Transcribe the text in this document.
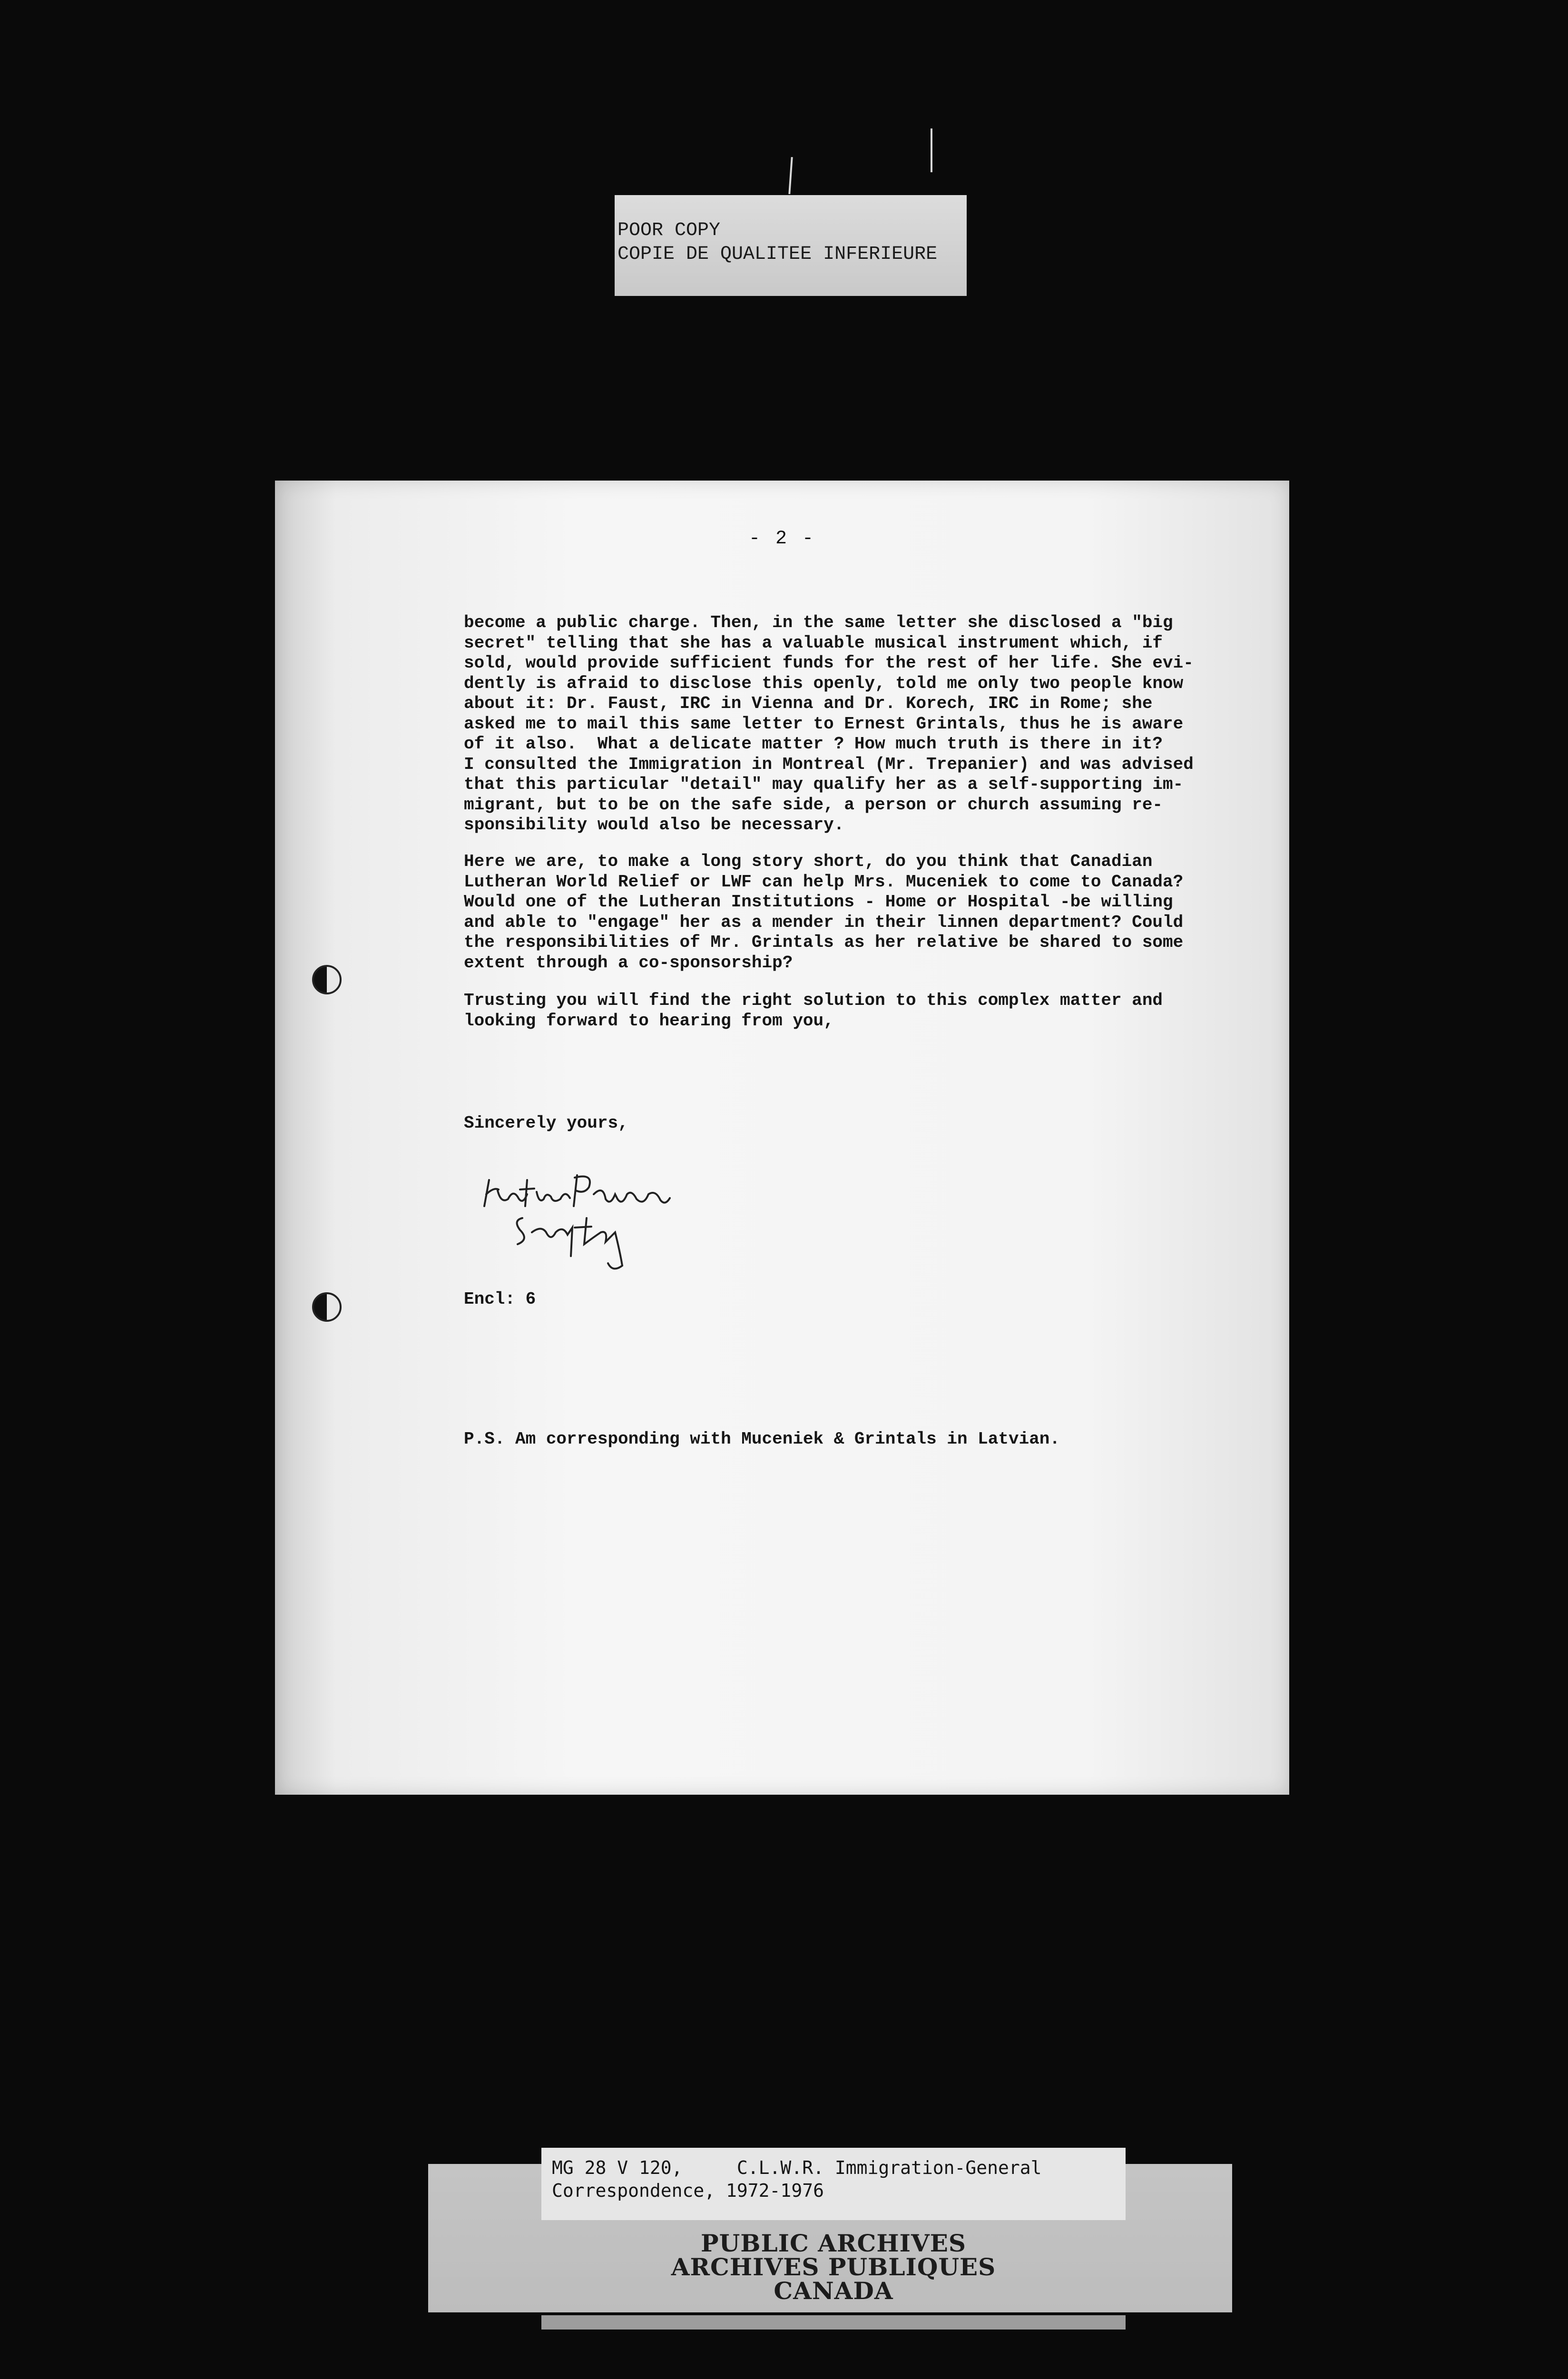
POOR COPY
COPIE DE QUALITEE INFERIEURE
- 2 -
become a public charge. Then, in the same letter she disclosed a "big
secret" telling that she has a valuable musical instrument which, if
sold, would provide sufficient funds for the rest of her life. She evi-
dently is afraid to disclose this openly, told me only two people know
about it: Dr. Faust, IRC in Vienna and Dr. Korech, IRC in Rome; she
asked me to mail this same letter to Ernest Grintals, thus he is aware
of it also.  What a delicate matter ? How much truth is there in it?
I consulted the Immigration in Montreal (Mr. Trepanier) and was advised
that this particular "detail" may qualify her as a self-supporting im-
migrant, but to be on the safe side, a person or church assuming re-
sponsibility would also be necessary.
Here we are, to make a long story short, do you think that Canadian
Lutheran World Relief or LWF can help Mrs. Muceniek to come to Canada?
Would one of the Lutheran Institutions - Home or Hospital -be willing
and able to "engage" her as a mender in their linnen department? Could
the responsibilities of Mr. Grintals as her relative be shared to some
extent through a co-sponsorship?
Trusting you will find the right solution to this complex matter and
looking forward to hearing from you,
Sincerely yours,
Encl: 6
P.S. Am corresponding with Muceniek & Grintals in Latvian.
MG 28 V 120,     C.L.W.R. Immigration-General
Correspondence, 1972-1976
PUBLIC ARCHIVES
ARCHIVES PUBLIQUES
CANADA
